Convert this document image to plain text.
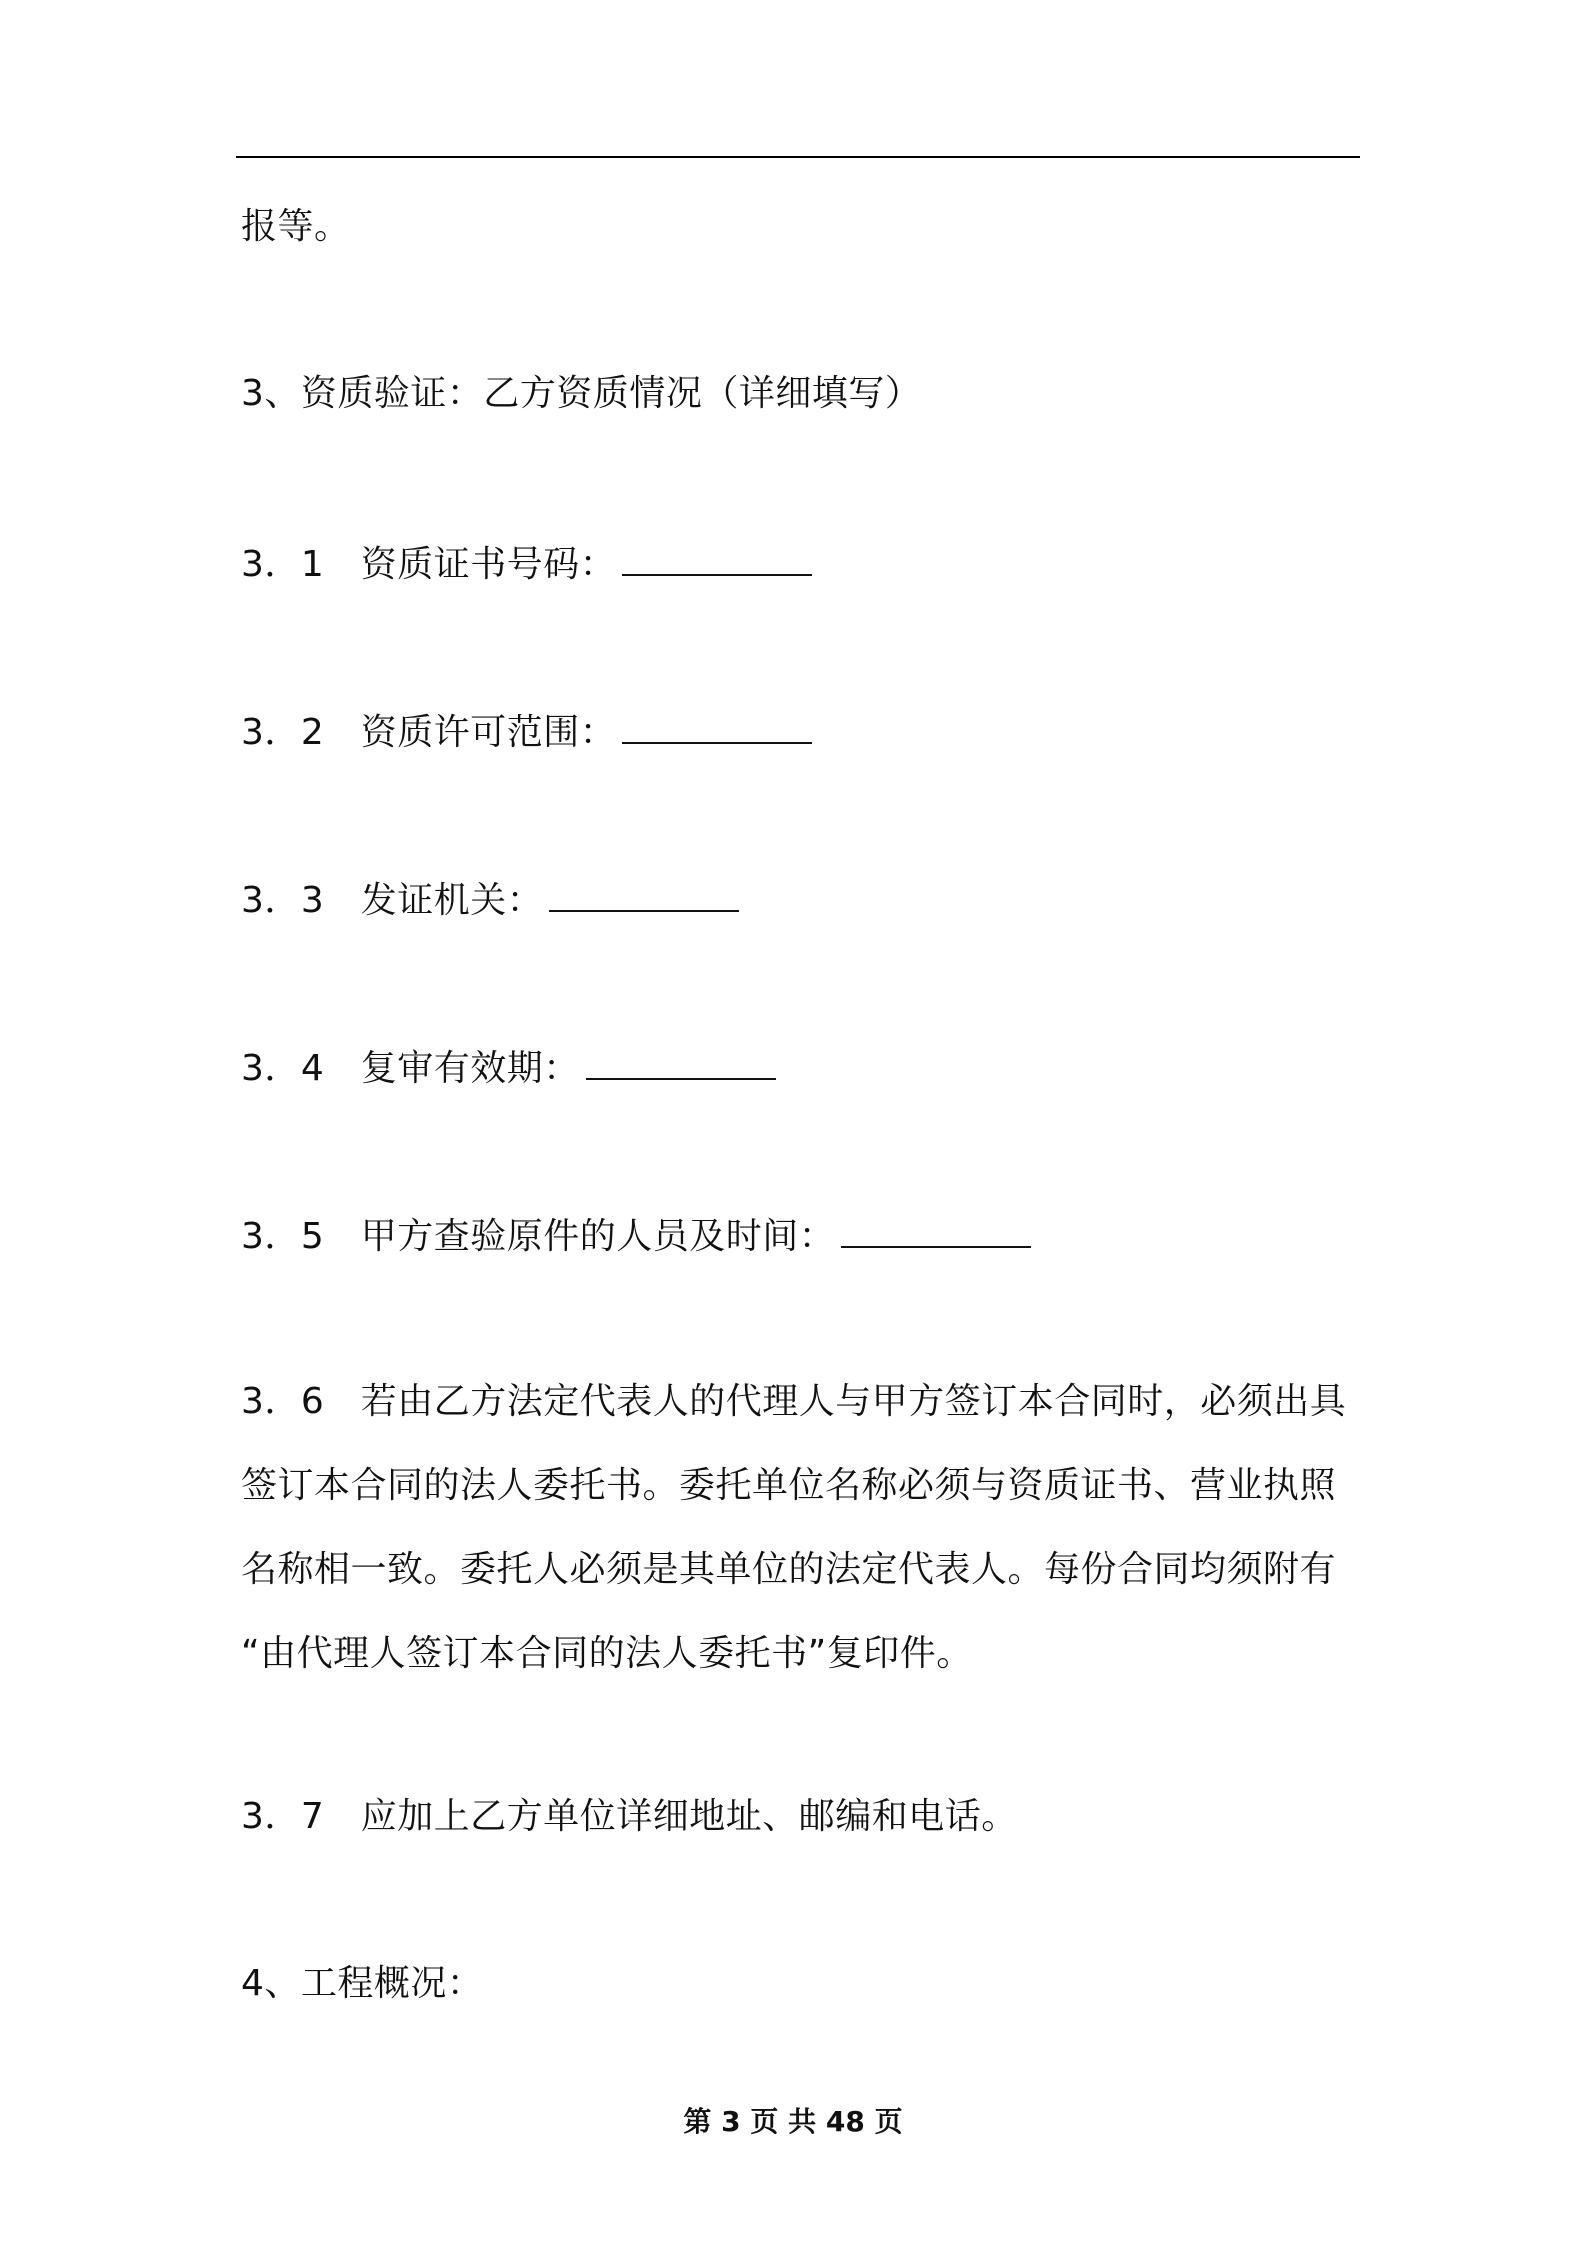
报等。
3、资质验证：乙方资质情况（详细填写）
3．1　资质证书号码：
3．2　资质许可范围：
3．3　发证机关：
3．4　复审有效期：
3．5　甲方查验原件的人员及时间：
3．6　若由乙方法定代表人的代理人与甲方签订本合同时，必须出具
签订本合同的法人委托书。委托单位名称必须与资质证书、营业执照
名称相一致。委托人必须是其单位的法定代表人。每份合同均须附有
“由代理人签订本合同的法人委托书”复印件。
3．7　应加上乙方单位详细地址、邮编和电话。
4、工程概况：
第 3 页 共 48 页
